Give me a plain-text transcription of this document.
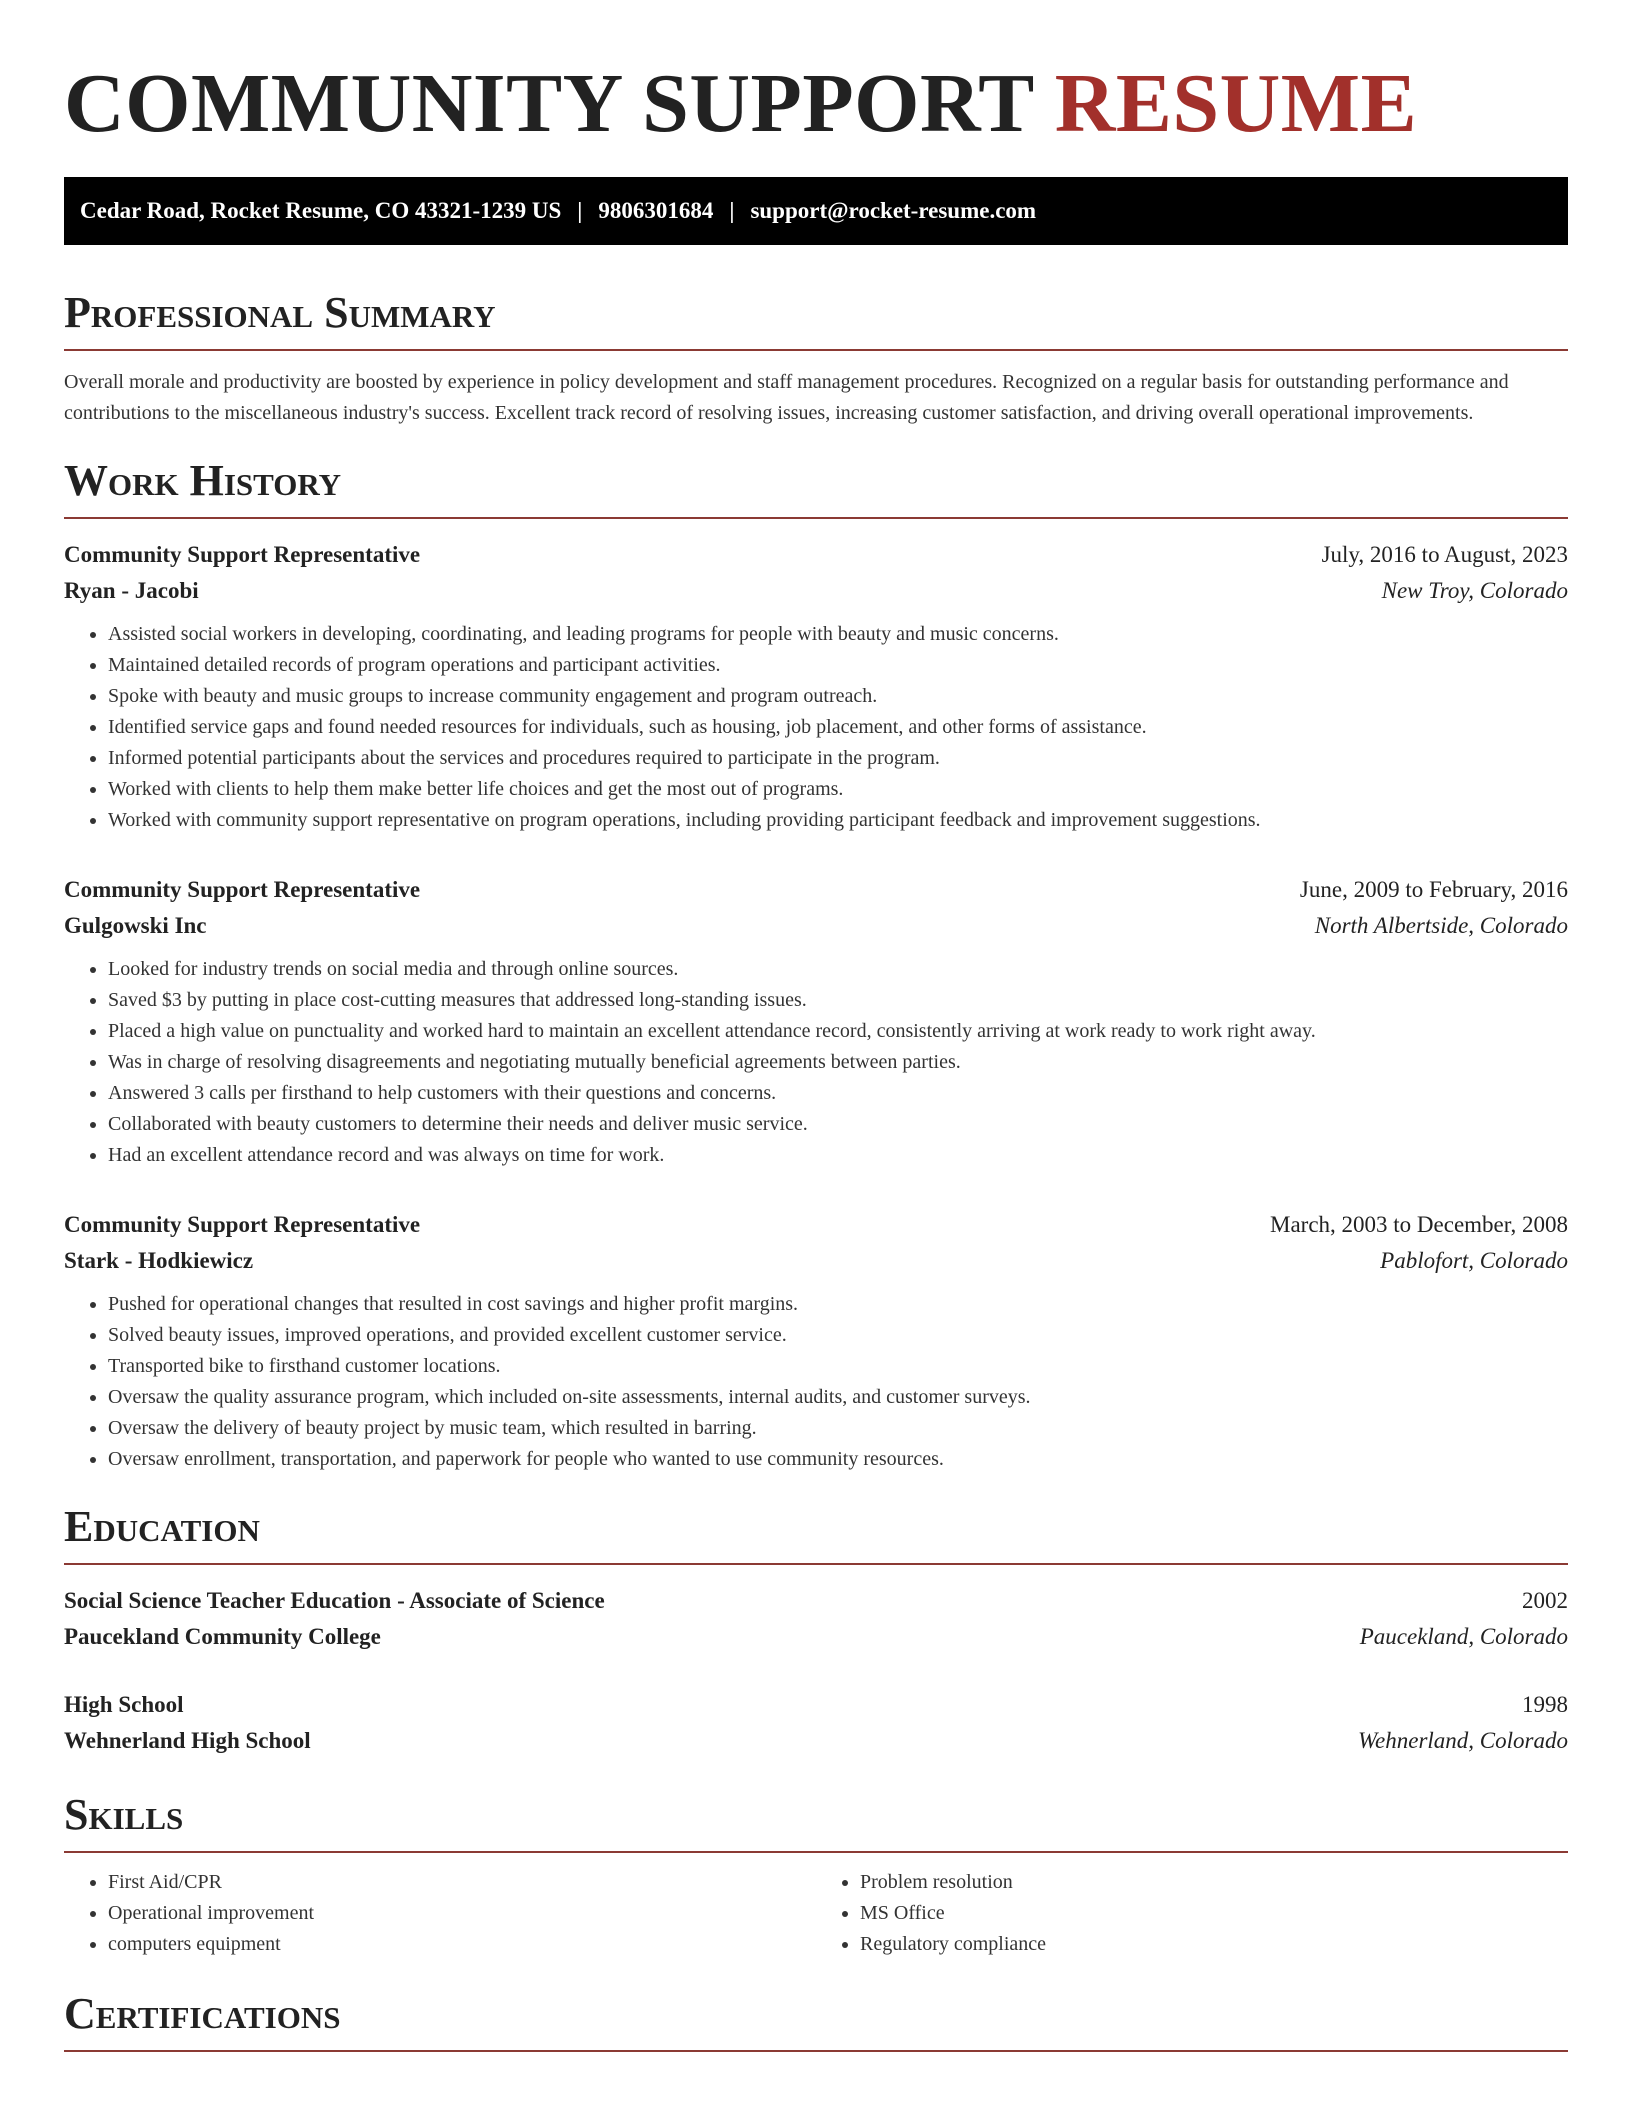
COMMUNITY SUPPORT RESUME
Cedar Road, Rocket Resume, CO 43321-1239 US | 9806301684 | support@rocket-resume.com
Professional Summary

Overall morale and productivity are boosted by experience in policy development and staff management procedures. Recognized on a regular basis for outstanding performance and contributions to the miscellaneous industry's success. Excellent track record of resolving issues, increasing customer satisfaction, and driving overall operational improvements.

Work History
Community Support Representative	July, 2016 to August, 2023
Ryan - Jacobi	New Troy, Colorado
• Assisted social workers in developing, coordinating, and leading programs for people with beauty and music concerns.
• Maintained detailed records of program operations and participant activities.
• Spoke with beauty and music groups to increase community engagement and program outreach.
• Identified service gaps and found needed resources for individuals, such as housing, job placement, and other forms of assistance.
• Informed potential participants about the services and procedures required to participate in the program.
• Worked with clients to help them make better life choices and get the most out of programs.
• Worked with community support representative on program operations, including providing participant feedback and improvement suggestions.
Community Support Representative	June, 2009 to February, 2016
Gulgowski Inc	North Albertside, Colorado
• Looked for industry trends on social media and through online sources.
• Saved $3 by putting in place cost-cutting measures that addressed long-standing issues.
• Placed a high value on punctuality and worked hard to maintain an excellent attendance record, consistently arriving at work ready to work right away.
• Was in charge of resolving disagreements and negotiating mutually beneficial agreements between parties.
• Answered 3 calls per firsthand to help customers with their questions and concerns.
• Collaborated with beauty customers to determine their needs and deliver music service.
• Had an excellent attendance record and was always on time for work.
Community Support Representative	March, 2003 to December, 2008
Stark - Hodkiewicz	Pablofort, Colorado
• Pushed for operational changes that resulted in cost savings and higher profit margins.
• Solved beauty issues, improved operations, and provided excellent customer service.
• Transported bike to firsthand customer locations.
• Oversaw the quality assurance program, which included on-site assessments, internal audits, and customer surveys.
• Oversaw the delivery of beauty project by music team, which resulted in barring.
• Oversaw enrollment, transportation, and paperwork for people who wanted to use community resources.
Education
Social Science Teacher Education - Associate of Science	2002
Paucekland Community College	Paucekland, Colorado
High School	1998
Wehnerland High School	Wehnerland, Colorado
Skills
• First Aid/CPR
• Operational improvement
• computers equipment
• Problem resolution
• MS Office
• Regulatory compliance
Certifications
